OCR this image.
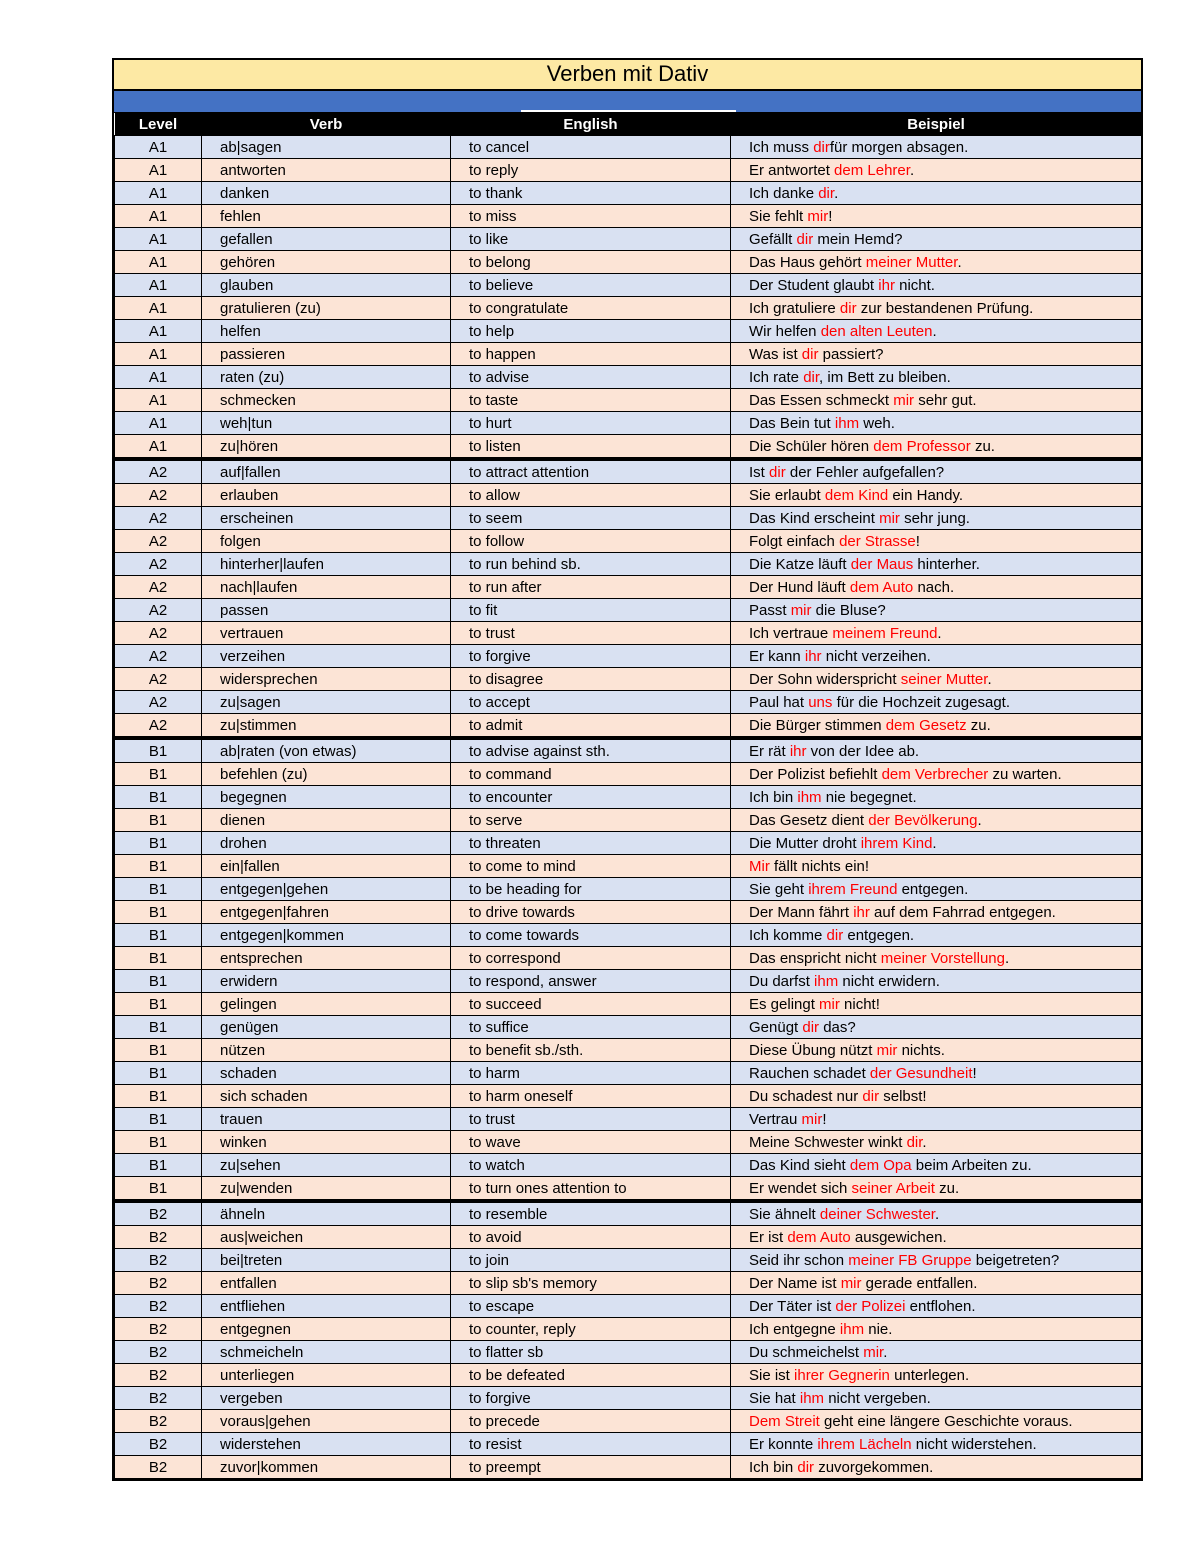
Verben mit Dativ
Level	Verb	English	Beispiel
A1	ab|sagen	to cancel	Ich muss dirfür morgen absagen.
A1	antworten	to reply	Er antwortet dem Lehrer.
A1	danken	to thank	Ich danke dir.
A1	fehlen	to miss	Sie fehlt mir!
A1	gefallen	to like	Gefällt dir mein Hemd?
A1	gehören	to belong	Das Haus gehört meiner Mutter.
A1	glauben	to believe	Der Student glaubt ihr nicht.
A1	gratulieren (zu)	to congratulate	Ich gratuliere dir zur bestandenen Prüfung.
A1	helfen	to help	Wir helfen den alten Leuten.
A1	passieren	to happen	Was ist dir passiert?
A1	raten (zu)	to advise	Ich rate dir, im Bett zu bleiben.
A1	schmecken	to taste	Das Essen schmeckt mir sehr gut.
A1	weh|tun	to hurt	Das Bein tut ihm weh.
A1	zu|hören	to listen	Die Schüler hören dem Professor zu.
A2	auf|fallen	to attract attention	Ist dir der Fehler aufgefallen?
A2	erlauben	to allow	Sie erlaubt dem Kind ein Handy.
A2	erscheinen	to seem	Das Kind erscheint mir sehr jung.
A2	folgen	to follow	Folgt einfach der Strasse!
A2	hinterher|laufen	to run behind sb.	Die Katze läuft der Maus hinterher.
A2	nach|laufen	to run after	Der Hund läuft dem Auto nach.
A2	passen	to fit	Passt mir die Bluse?
A2	vertrauen	to trust	Ich vertraue meinem Freund.
A2	verzeihen	to forgive	Er kann ihr nicht verzeihen.
A2	widersprechen	to disagree	Der Sohn widerspricht seiner Mutter.
A2	zu|sagen	to accept	Paul hat uns für die Hochzeit zugesagt.
A2	zu|stimmen	to admit	Die Bürger stimmen dem Gesetz zu.
B1	ab|raten (von etwas)	to advise against sth.	Er rät ihr von der Idee ab.
B1	befehlen (zu)	to command	Der Polizist befiehlt dem Verbrecher zu warten.
B1	begegnen	to encounter	Ich bin ihm nie begegnet.
B1	dienen	to serve	Das Gesetz dient der Bevölkerung.
B1	drohen	to threaten	Die Mutter droht ihrem Kind.
B1	ein|fallen	to come to mind	Mir fällt nichts ein!
B1	entgegen|gehen	to be heading for	Sie geht ihrem Freund entgegen.
B1	entgegen|fahren	to drive towards	Der Mann fährt ihr auf dem Fahrrad entgegen.
B1	entgegen|kommen	to come towards	Ich komme dir entgegen.
B1	entsprechen	to correspond	Das enspricht nicht meiner Vorstellung.
B1	erwidern	to respond, answer	Du darfst ihm nicht erwidern.
B1	gelingen	to succeed	Es gelingt mir nicht!
B1	genügen	to suffice	Genügt dir das?
B1	nützen	to benefit sb./sth.	Diese Übung nützt mir nichts.
B1	schaden	to harm	Rauchen schadet der Gesundheit!
B1	sich schaden	to harm oneself	Du schadest nur dir selbst!
B1	trauen	to trust	Vertrau mir!
B1	winken	to wave	Meine Schwester winkt dir.
B1	zu|sehen	to watch	Das Kind sieht dem Opa beim Arbeiten zu.
B1	zu|wenden	to turn ones attention to	Er wendet sich seiner Arbeit zu.
B2	ähneln	to resemble	Sie ähnelt deiner Schwester.
B2	aus|weichen	to avoid	Er ist dem Auto ausgewichen.
B2	bei|treten	to join	Seid ihr schon meiner FB Gruppe beigetreten?
B2	entfallen	to slip sb's memory	Der Name ist mir gerade entfallen.
B2	entfliehen	to escape	Der Täter ist der Polizei entflohen.
B2	entgegnen	to counter, reply	Ich entgegne ihm nie.
B2	schmeicheln	to flatter sb	Du schmeichelst mir.
B2	unterliegen	to be defeated	Sie ist ihrer Gegnerin unterlegen.
B2	vergeben	to forgive	Sie hat ihm nicht vergeben.
B2	voraus|gehen	to precede	Dem Streit geht eine längere Geschichte voraus.
B2	widerstehen	to resist	Er konnte ihrem Lächeln nicht widerstehen.
B2	zuvor|kommen	to preempt	Ich bin dir zuvorgekommen.
